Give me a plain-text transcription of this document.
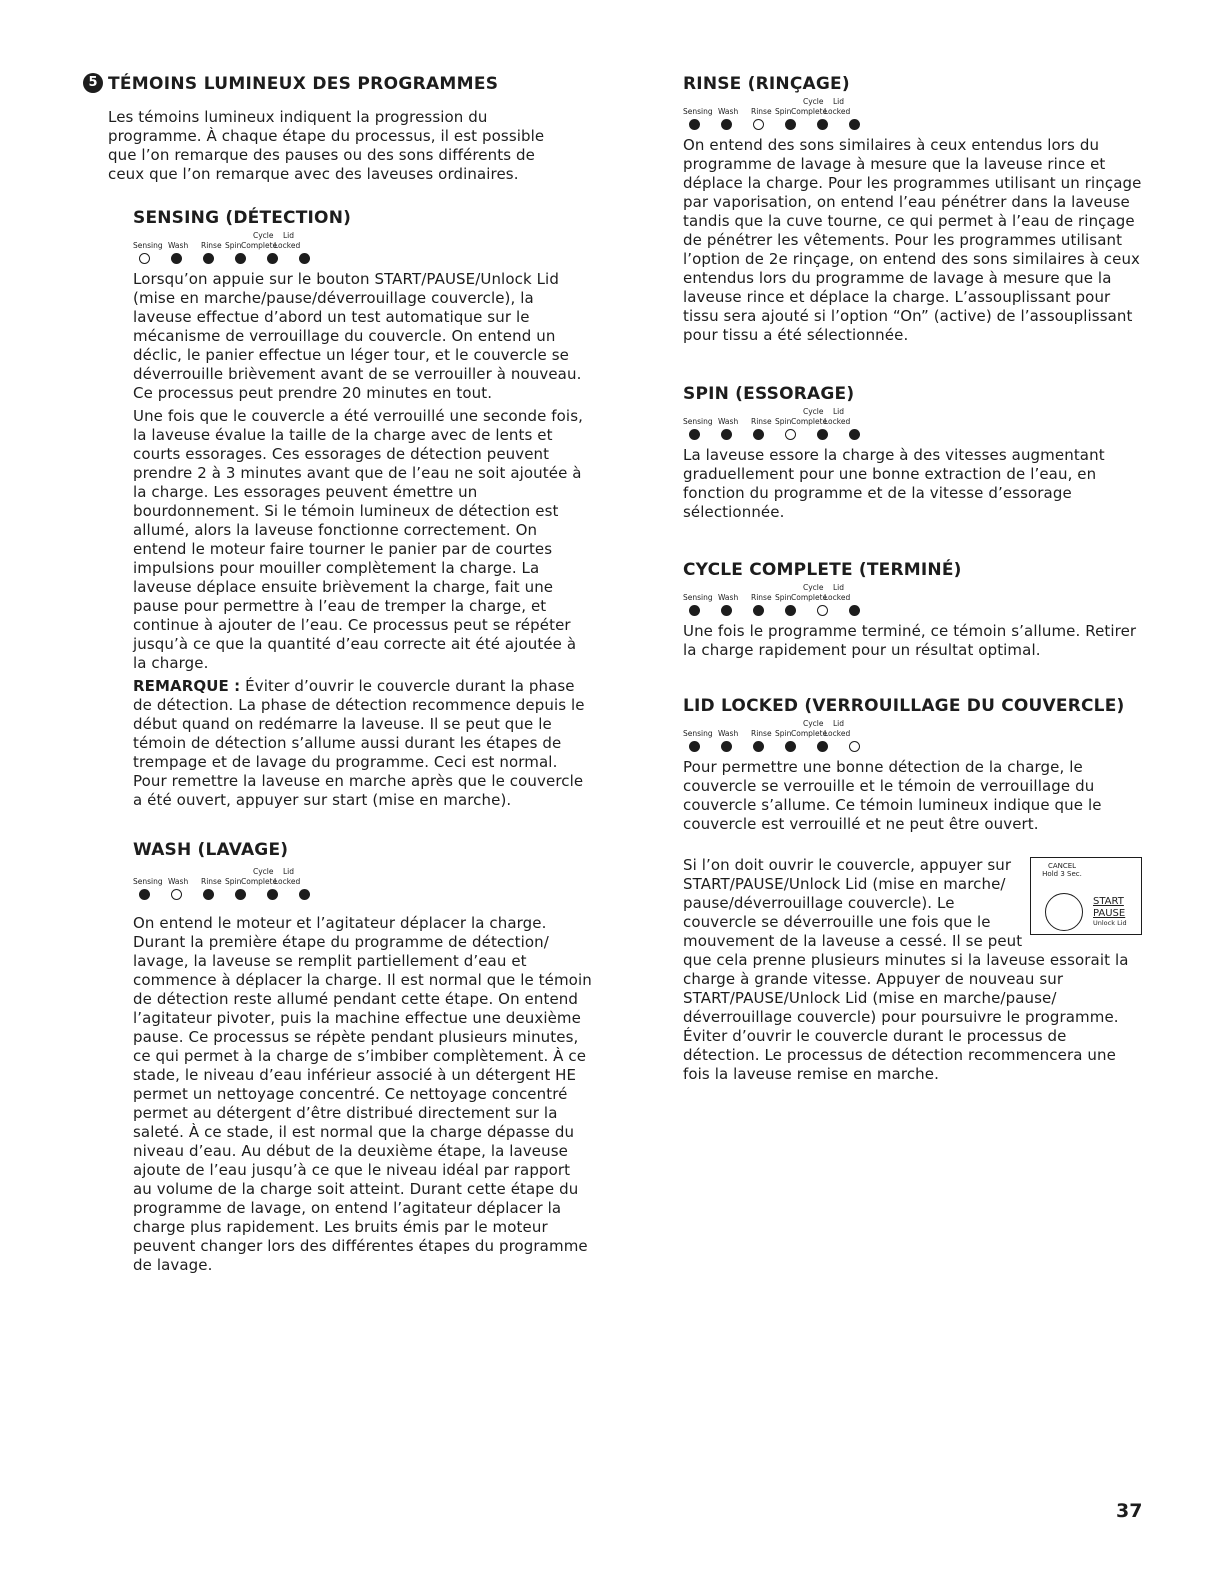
5 TÉMOINS LUMINEUX DES PROGRAMMES
Les témoins lumineux indiquent la progression du
programme. À chaque étape du processus, il est possible
que l’on remarque des pauses ou des sons différents de
ceux que l’on remarque avec des laveuses ordinaires.
SENSING (DÉTECTION)
Sensing Wash Rinse Spin
Cycle
Complete
Lid
Locked

Lorsqu’on appuie sur le bouton START/PAUSE/Unlock Lid (mise en marche/pause/déverrouillage couvercle), la laveuse effectue d’abord un test automatique sur le mécanisme de verrouillage du couvercle. On entend un déclic, le panier effectue un léger tour, et le couvercle se déverrouille brièvement avant de se verrouiller à nouveau. Ce processus peut prendre 20 minutes en tout.

Une fois que le couvercle a été verrouillé une seconde fois, la laveuse évalue la taille de la charge avec de lents et courts essorages. Ces essorages de détection peuvent prendre 2 à 3 minutes avant que de l’eau ne soit ajoutée à la charge. Les essorages peuvent émettre un bourdonnement. Si le témoin lumineux de détection est allumé, alors la laveuse fonctionne correctement. On entend le moteur faire tourner le panier par de courtes impulsions pour mouiller complètement la charge. La laveuse déplace ensuite brièvement la charge, fait une pause pour permettre à l’eau de tremper la charge, et continue à ajouter de l’eau. Ce processus peut se répéter jusqu’à ce que la quantité d’eau correcte ait été ajoutée à la charge.

REMARQUE : Éviter d’ouvrir le couvercle durant la phase de détection. La phase de détection recommence depuis le début quand on redémarre la laveuse. Il se peut que le témoin de détection s’allume aussi durant les étapes de trempage et de lavage du programme. Ceci est normal. Pour remettre la laveuse en marche après que le couvercle a été ouvert, appuyer sur start (mise en marche).

WASH (LAVAGE)
Sensing Wash Rinse Spin
Cycle
Complete
Lid
Locked

On entend le moteur et l’agitateur déplacer la charge. Durant la première étape du programme de détection/ lavage, la laveuse se remplit partiellement d’eau et commence à déplacer la charge. Il est normal que le témoin de détection reste allumé pendant cette étape. On entend l’agitateur pivoter, puis la machine effectue une deuxième pause. Ce processus se répète pendant plusieurs minutes, ce qui permet à la charge de s’imbiber complètement. À ce stade, le niveau d’eau inférieur associé à un détergent HE permet un nettoyage concentré. Ce nettoyage concentré permet au détergent d’être distribué directement sur la saleté. À ce stade, il est normal que la charge dépasse du niveau d’eau. Au début de la deuxième étape, la laveuse ajoute de l’eau jusqu’à ce que le niveau idéal par rapport au volume de la charge soit atteint. Durant cette étape du programme de lavage, on entend l’agitateur déplacer la charge plus rapidement. Les bruits émis par le moteur peuvent changer lors des différentes étapes du programme de lavage.

RINSE (RINÇAGE)
Sensing Wash Rinse Spin
Cycle
Complete
Lid
Locked

On entend des sons similaires à ceux entendus lors du programme de lavage à mesure que la laveuse rince et déplace la charge. Pour les programmes utilisant un rinçage par vaporisation, on entend l’eau pénétrer dans la laveuse tandis que la cuve tourne, ce qui permet à l’eau de rinçage de pénétrer les vêtements. Pour les programmes utilisant l’option de 2e rinçage, on entend des sons similaires à ceux entendus lors du programme de lavage à mesure que la laveuse rince et déplace la charge. L’assouplissant pour tissu sera ajouté si l’option “On” (active) de l’assouplissant pour tissu a été sélectionnée.

SPIN (ESSORAGE)
Sensing Wash Rinse Spin
Cycle
Complete
Lid
Locked

La laveuse essore la charge à des vitesses augmentant graduellement pour une bonne extraction de l’eau, en fonction du programme et de la vitesse d’essorage sélectionnée.

CYCLE COMPLETE (TERMINÉ)
Sensing Wash Rinse Spin
Cycle
Complete
Lid
Locked

Une fois le programme terminé, ce témoin s’allume. Retirer la charge rapidement pour un résultat optimal.

LID LOCKED (VERROUILLAGE DU COUVERCLE)
Sensing Wash Rinse Spin
Cycle
Complete
Lid
Locked

Pour permettre une bonne détection de la charge, le couvercle se verrouille et le témoin de verrouillage du couvercle s’allume. Ce témoin lumineux indique que le couvercle est verrouillé et ne peut être ouvert.

Si l’on doit ouvrir le couvercle, appuyer sur START/PAUSE/Unlock Lid (mise en marche/ pause/déverrouillage couvercle). Le couvercle se déverrouille une fois que le mouvement de la laveuse a cessé. Il se peut que cela prenne plusieurs minutes si la laveuse essorait la charge à grande vitesse. Appuyer de nouveau sur START/PAUSE/Unlock Lid (mise en marche/pause/ déverrouillage couvercle) pour poursuivre le programme. Éviter d’ouvrir le couvercle durant le processus de détection. Le processus de détection recommencera une fois la laveuse remise en marche.
CANCEL
Hold 3 Sec.
START
PAUSE
Unlock Lid
37
